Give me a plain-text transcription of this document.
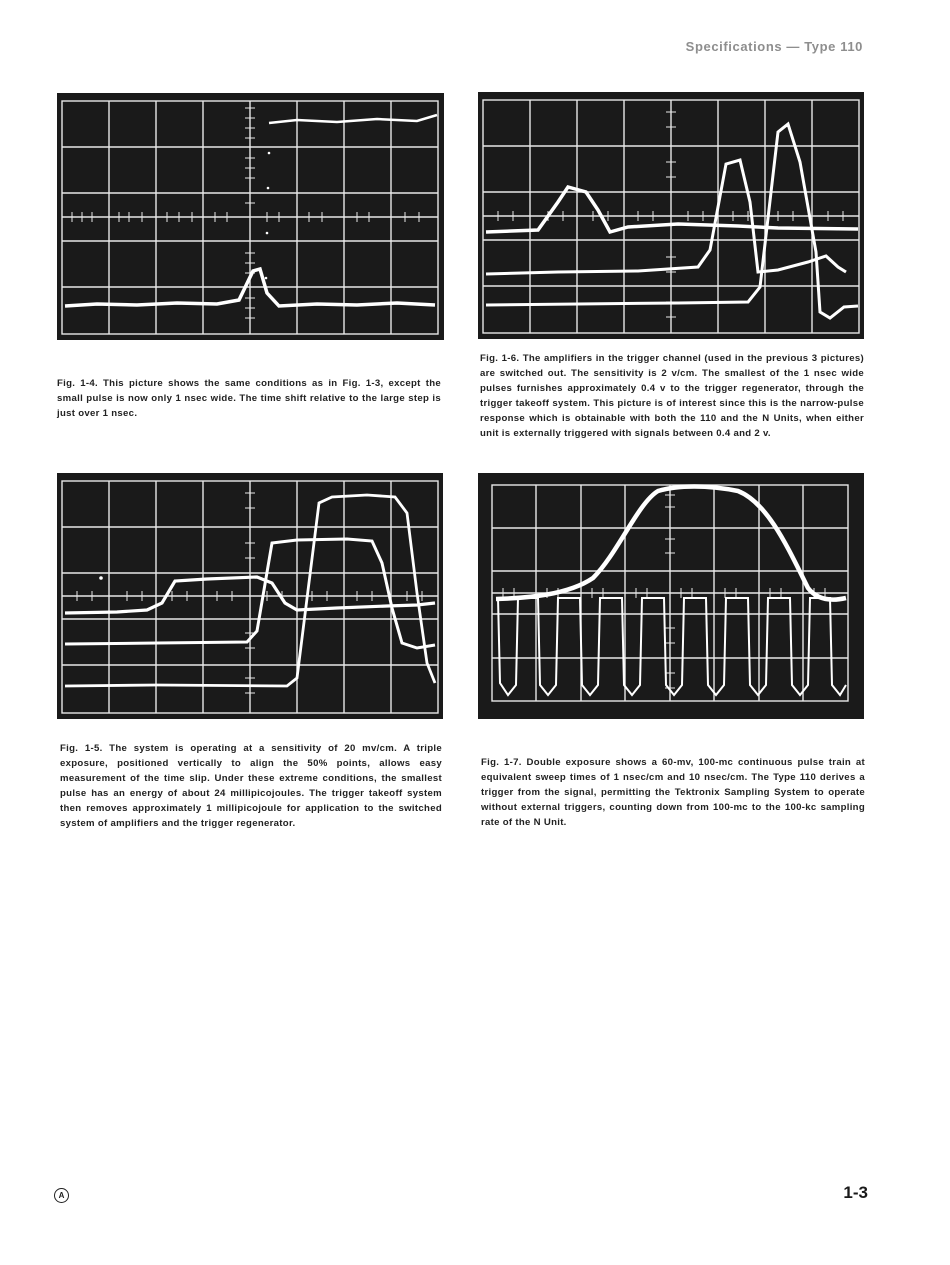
Specifications — Type 110
Fig. 1-4. This picture shows the same conditions as in Fig. 1-3, except the small pulse is now only 1 nsec wide. The time shift relative to the large step is just over 1 nsec.
Fig. 1-6. The amplifiers in the trigger channel (used in the previous 3 pictures) are switched out. The sensitivity is 2 v/cm. The smallest of the 1 nsec wide pulses furnishes approximately 0.4 v to the trigger regenerator, through the trigger takeoff system. This picture is of interest since this is the narrow-pulse response which is obtainable with both the 110 and the N Units, when either unit is externally triggered with signals between 0.4 and 2 v.
Fig. 1-5. The system is operating at a sensitivity of 20 mv/cm. A triple exposure, positioned vertically to align the 50% points, allows easy measurement of the time slip. Under these extreme conditions, the smallest pulse has an energy of about 24 millipicojoules. The trigger takeoff system then removes approximately 1 millipicojoule for application to the switched system of amplifiers and the trigger regenerator.
Fig. 1-7. Double exposure shows a 60-mv, 100-mc continuous pulse train at equivalent sweep times of 1 nsec/cm and 10 nsec/cm. The Type 110 derives a trigger from the signal, permitting the Tektronix Sampling System to operate without external triggers, counting down from 100-mc to the 100-kc sampling rate of the N Unit.
A	1-3
